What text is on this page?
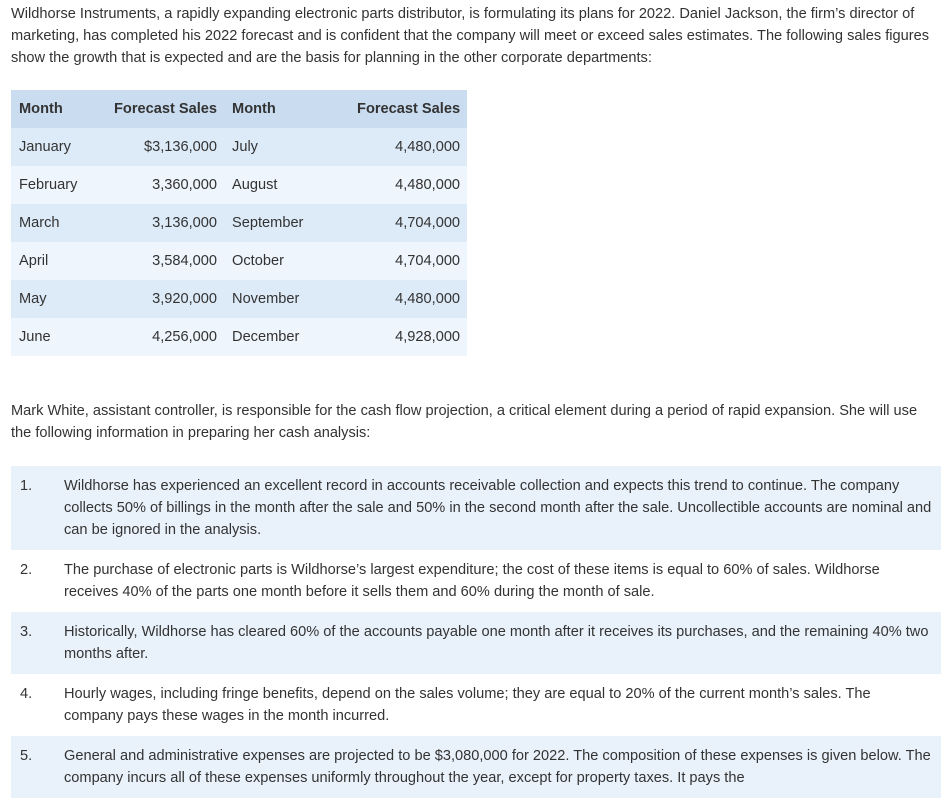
Wildhorse Instruments, a rapidly expanding electronic parts distributor, is formulating its plans for 2022. Daniel Jackson, the firm’s director of marketing, has completed his 2022 forecast and is confident that the company will meet or exceed sales estimates. The following sales figures show the growth that is expected and are the basis for planning in the other corporate departments:

Month	Forecast Sales	Month	Forecast Sales
January	$3,136,000	July	4,480,000
February	3,360,000	August	4,480,000
March	3,136,000	September	4,704,000
April	3,584,000	October	4,704,000
May	3,920,000	November	4,480,000
June	4,256,000	December	4,928,000

Mark White, assistant controller, is responsible for the cash flow projection, a critical element during a period of rapid expansion. She will use the following information in preparing her cash analysis:

1.	Wildhorse has experienced an excellent record in accounts receivable collection and expects this trend to continue. The company collects 50% of billings in the month after the sale and 50% in the second month after the sale. Uncollectible accounts are nominal and can be ignored in the analysis.
2.	The purchase of electronic parts is Wildhorse’s largest expenditure; the cost of these items is equal to 60% of sales. Wildhorse receives 40% of the parts one month before it sells them and 60% during the month of sale.
3.	Historically, Wildhorse has cleared 60% of the accounts payable one month after it receives its purchases, and the remaining 40% two months after.
4.	Hourly wages, including fringe benefits, depend on the sales volume; they are equal to 20% of the current month’s sales. The company pays these wages in the month incurred.
5.	General and administrative expenses are projected to be $3,080,000 for 2022. The composition of these expenses is given below. The company incurs all of these expenses uniformly throughout the year, except for property taxes. It pays the
